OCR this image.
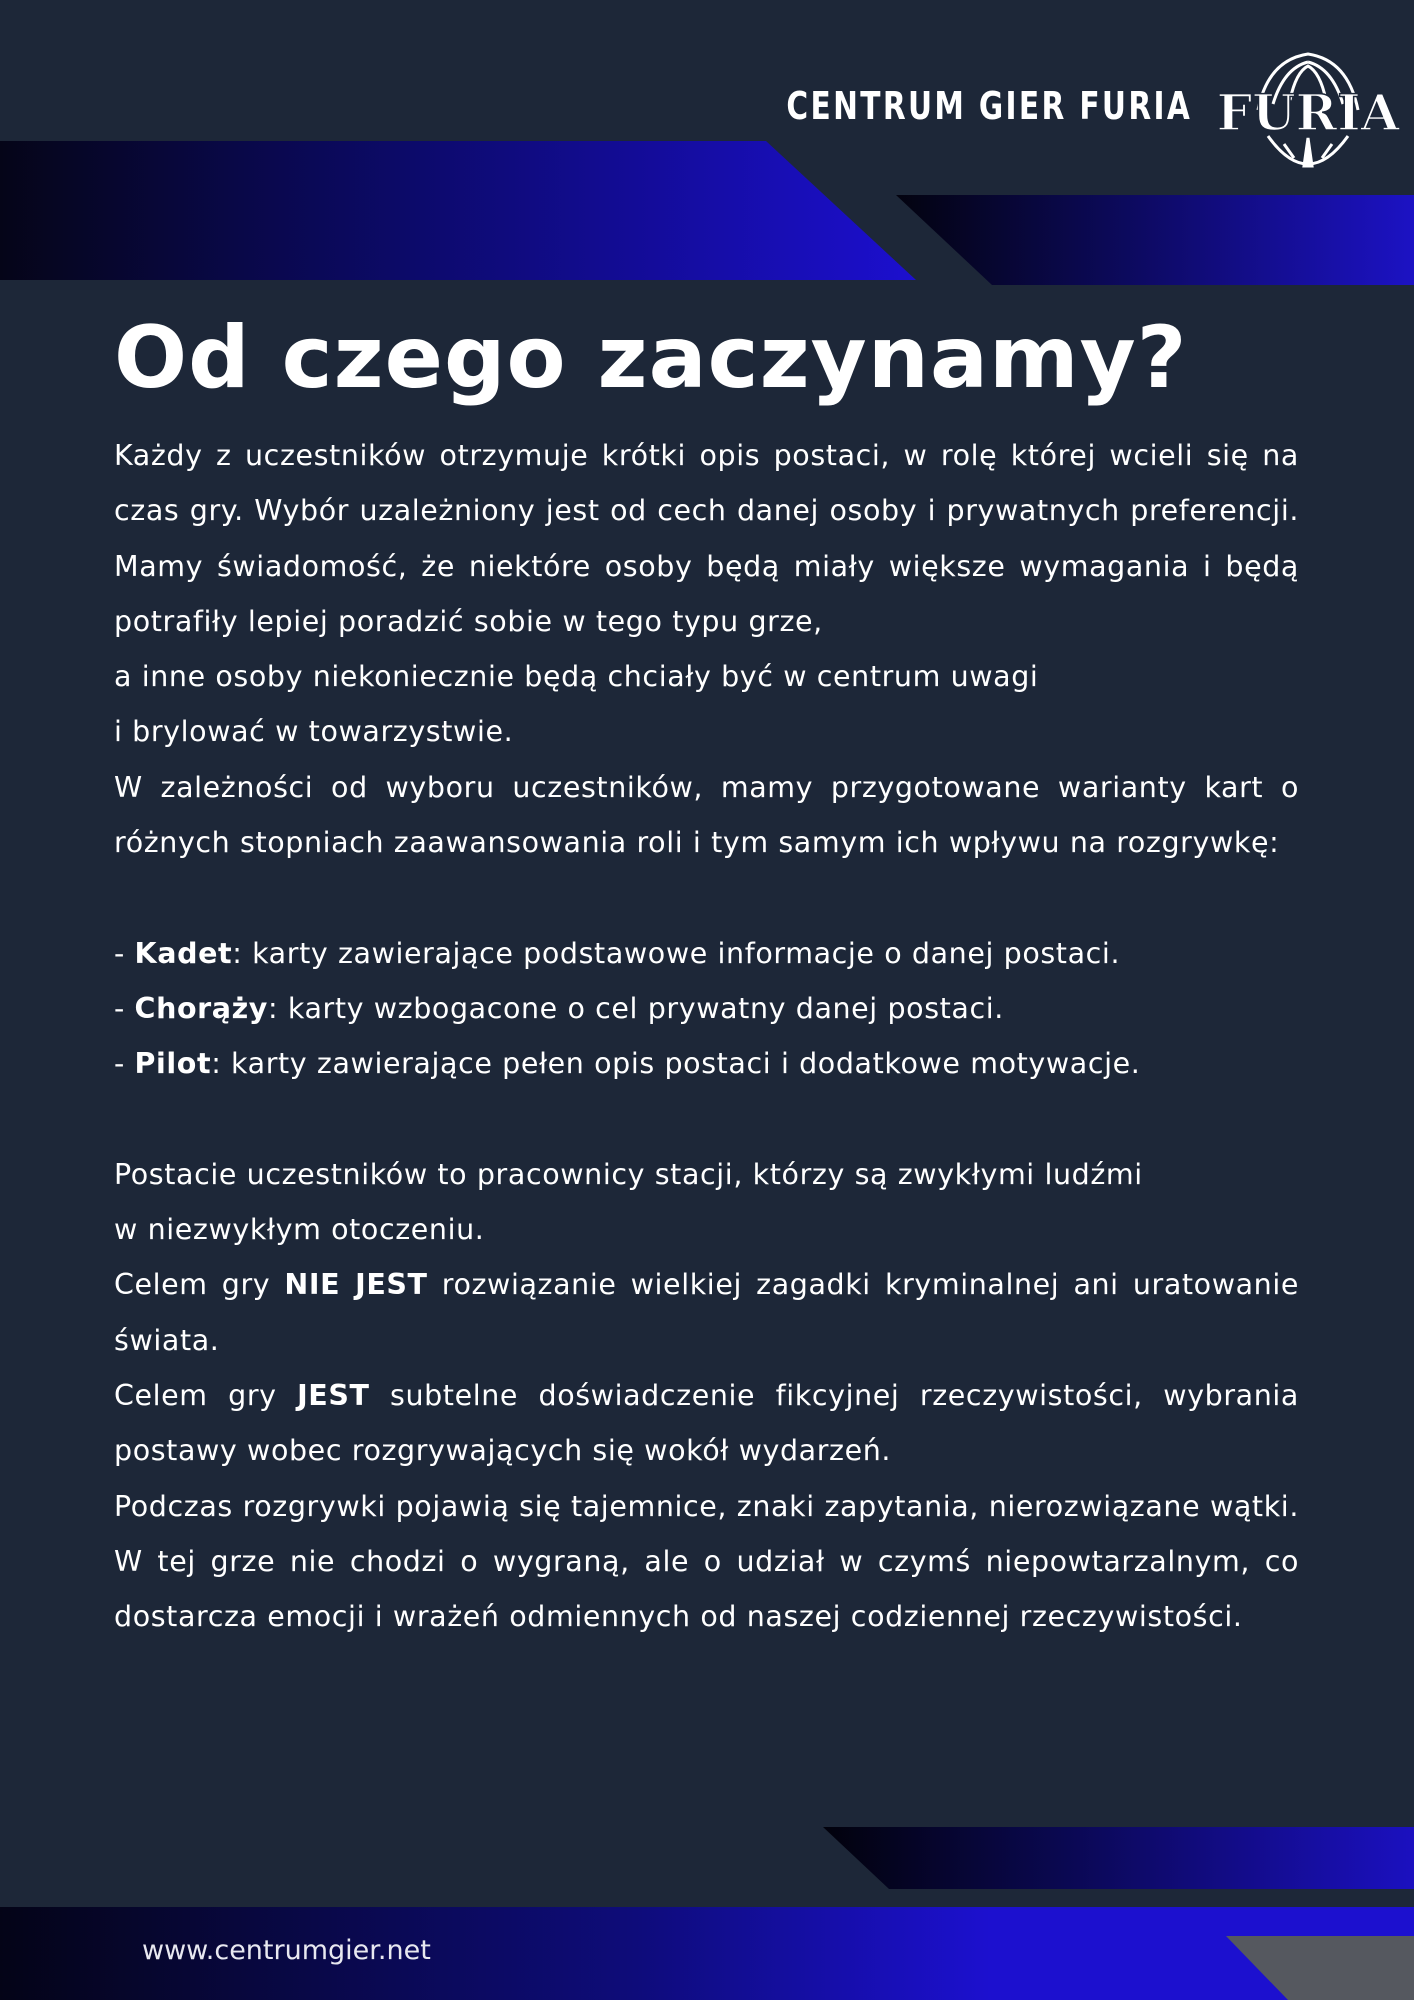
CENTRUM GIER FURIA FURIA
Od czego zaczynamy?

Każdy z uczestników otrzymuje krótki opis postaci, w rolę której wcieli się na czas gry. Wybór uzależniony jest od cech danej osoby i prywatnych preferencji. Mamy świadomość, że niektóre osoby będą miały większe wymagania i będą potrafiły lepiej poradzić sobie w tego typu grze,

a inne osoby niekoniecznie będą chciały być w centrum uwagi

i brylować w towarzystwie.

W zależności od wyboru uczestników, mamy przygotowane warianty kart o różnych stopniach zaawansowania roli i tym samym ich wpływu na rozgrywkę:

- Kadet: karty zawierające podstawowe informacje o danej postaci.

- Chorąży: karty wzbogacone o cel prywatny danej postaci.

- Pilot: karty zawierające pełen opis postaci i dodatkowe motywacje.

Postacie uczestników to pracownicy stacji, którzy są zwykłymi ludźmi

w niezwykłym otoczeniu.

Celem gry NIE JEST rozwiązanie wielkiej zagadki kryminalnej ani uratowanie świata.

Celem gry JEST subtelne doświadczenie fikcyjnej rzeczywistości, wybrania postawy wobec rozgrywających się wokół wydarzeń.

Podczas rozgrywki pojawią się tajemnice, znaki zapytania, nierozwiązane wątki. W tej grze nie chodzi o wygraną, ale o udział w czymś niepowtarzalnym, co dostarcza emocji i wrażeń odmiennych od naszej codziennej rzeczywistości.

www.centrumgier.net
